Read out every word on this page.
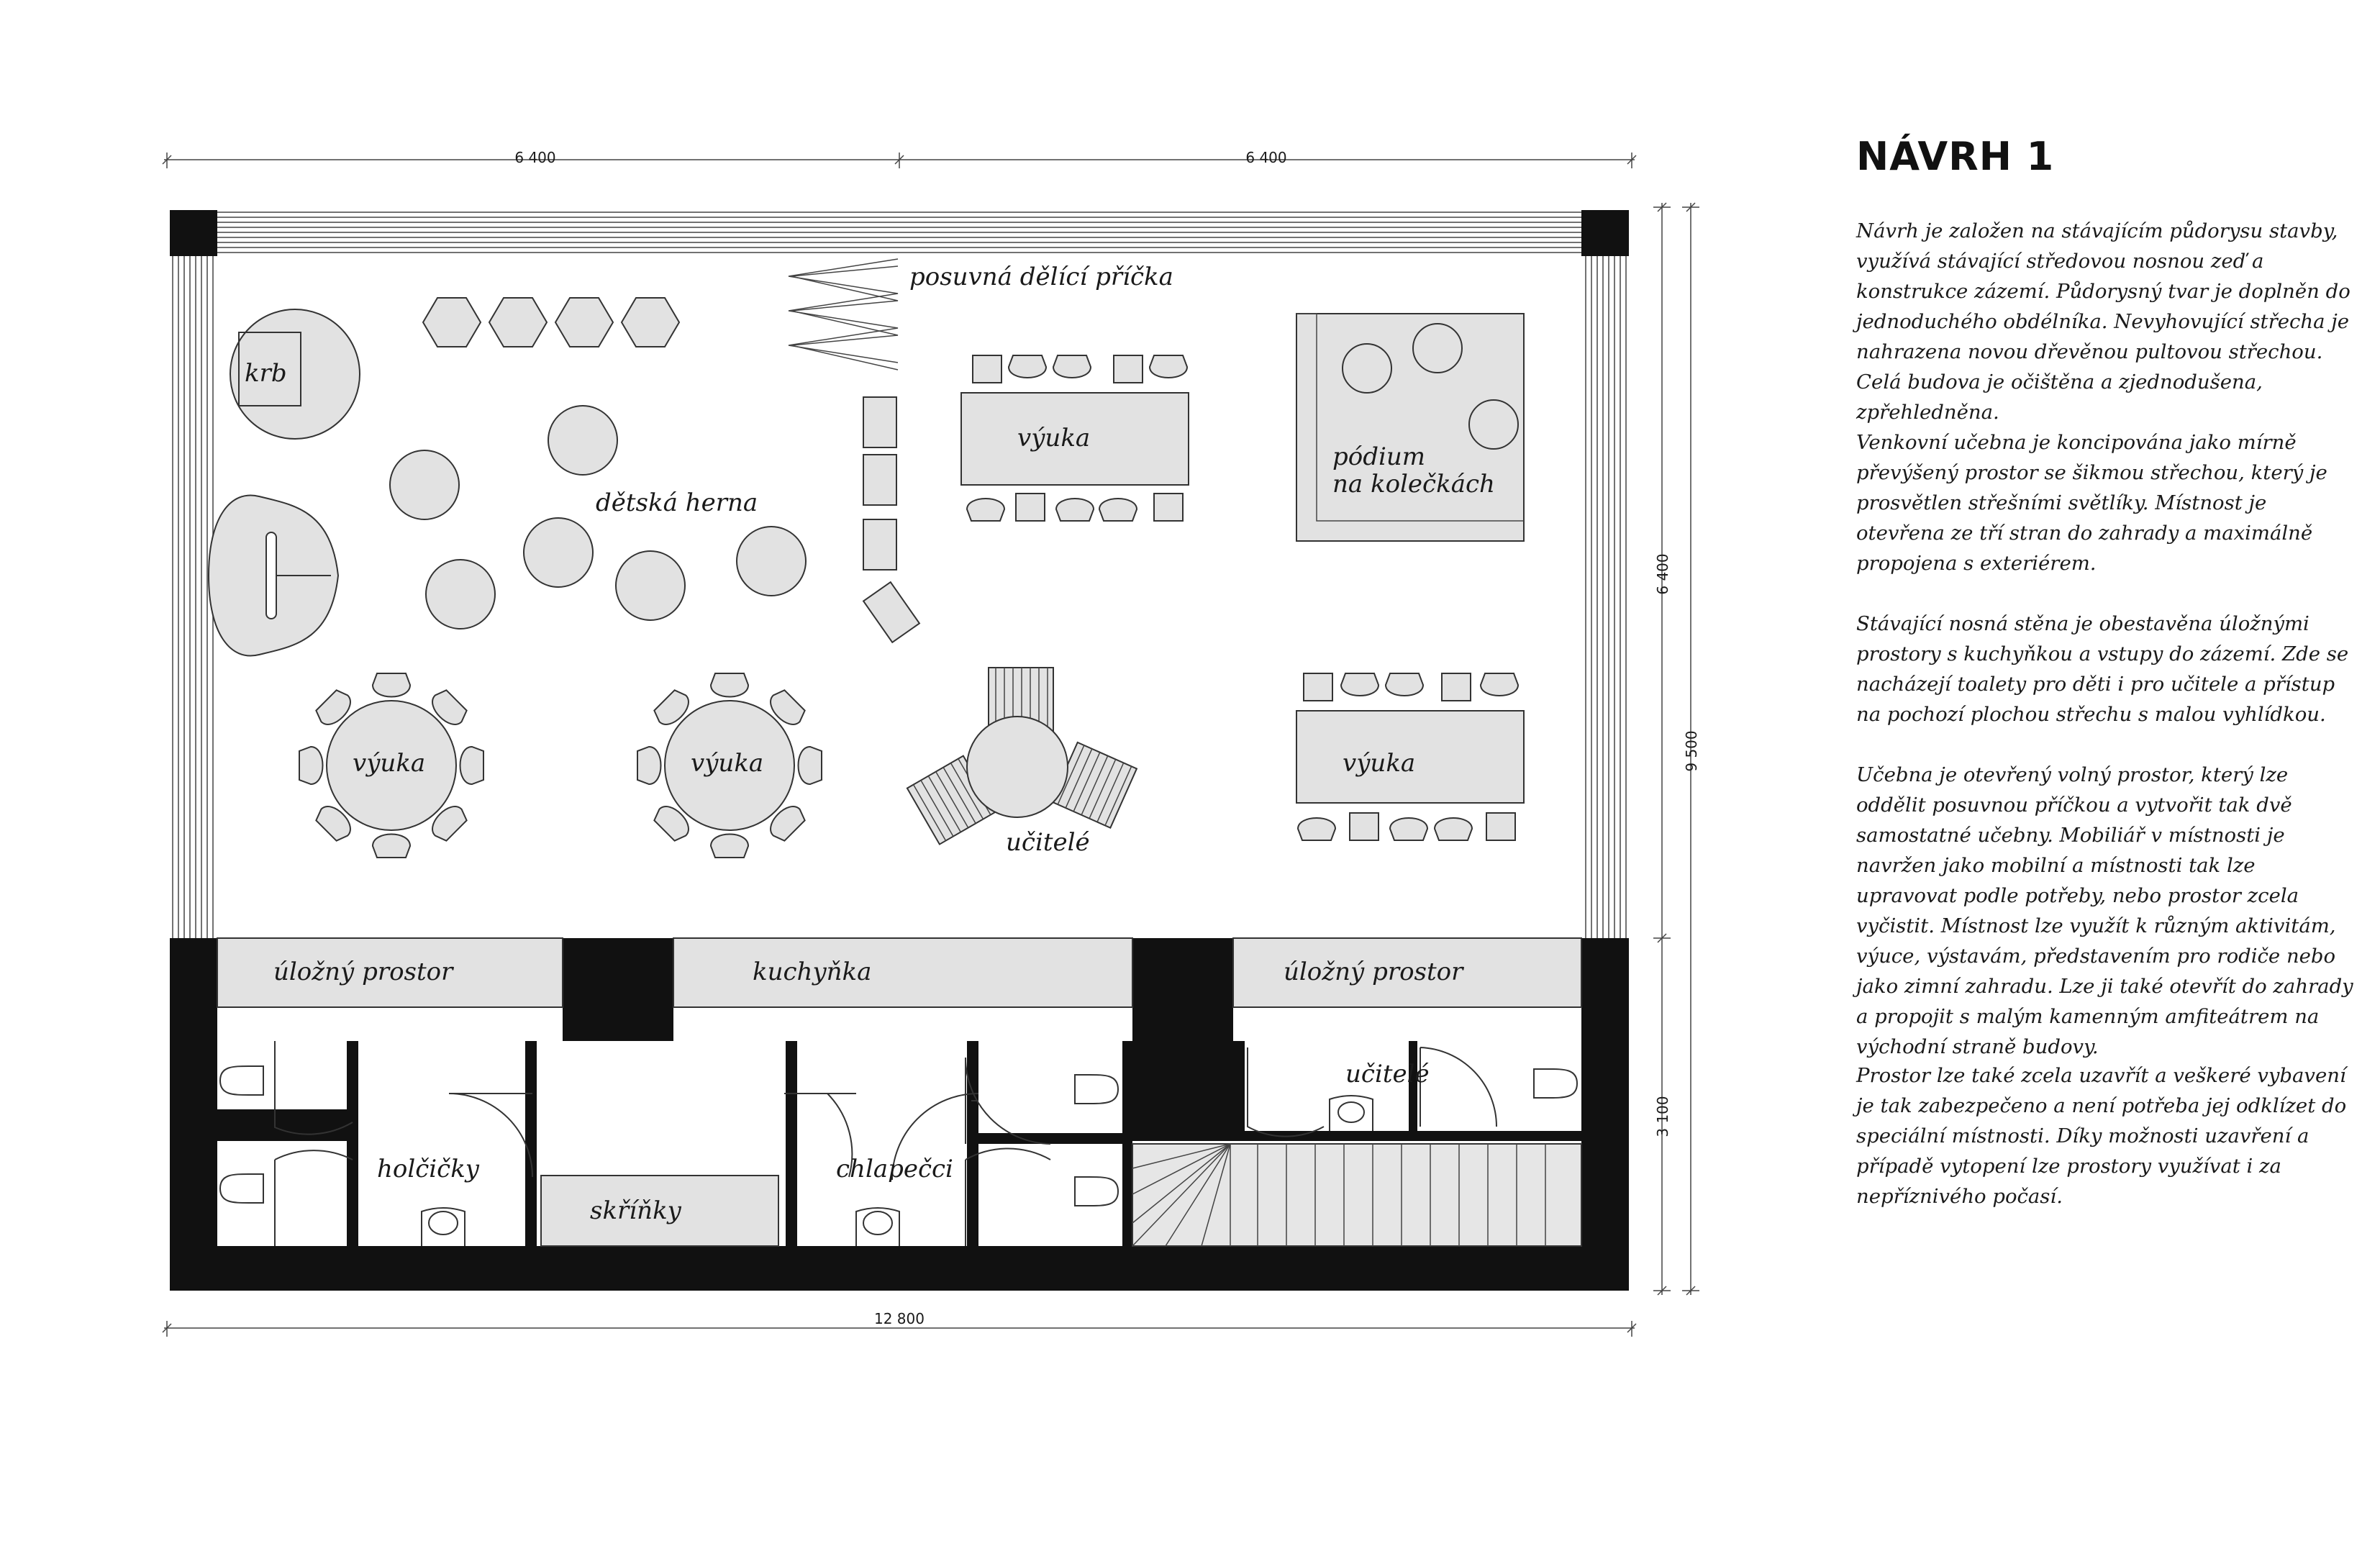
6 400	6 400
12 800
6 400
3 100
9 500
krb
dětská herna
posuvná dělící příčka
výuka
pódium
na kolečkách
výuka	výuka
učitelé
výuka
úložný prostor	kuchyňka	úložný prostor
učitelé
holčičky
skříňky
chlapečci
NÁVRH 1

Návrh je založen na stávajícím půdorysu stavby, využívá stávající středovou nosnou zeď a konstrukce zázemí. Půdorysný tvar je doplněn do jednoduchého obdélníka. Nevyhovující střecha je nahrazena novou dřevěnou pultovou střechou. Celá budova je očištěna a zjednodušena, zpřehledněna.

Venkovní učebna je koncipována jako mírně převýšený prostor se šikmou střechou, který je prosvětlen střešními světlíky. Místnost je otevřena ze tří stran do zahrady a maximálně propojena s exteriérem.

Stávající nosná stěna je obestavěna úložnými prostory s kuchyňkou a vstupy do zázemí. Zde se nacházejí toalety pro děti i pro učitele a přístup na pochozí plochou střechu s malou vyhlídkou.

Učebna je otevřený volný prostor, který lze oddělit posuvnou příčkou a vytvořit tak dvě samostatné učebny. Mobiliář v místnosti je navržen jako mobilní a místnosti tak lze upravovat podle potřeby, nebo prostor zcela vyčistit. Místnost lze využít k různým aktivitám, výuce, výstavám, představením pro rodiče nebo jako zimní zahradu. Lze ji také otevřít do zahrady a propojit s malým kamenným amfiteátrem na východní straně budovy.

Prostor lze také zcela uzavřít a veškeré vybavení je tak zabezpečeno a není potřeba jej odklízet do speciální místnosti. Díky možnosti uzavření a případě vytopení lze prostory využívat i za nepříznivého počasí.
